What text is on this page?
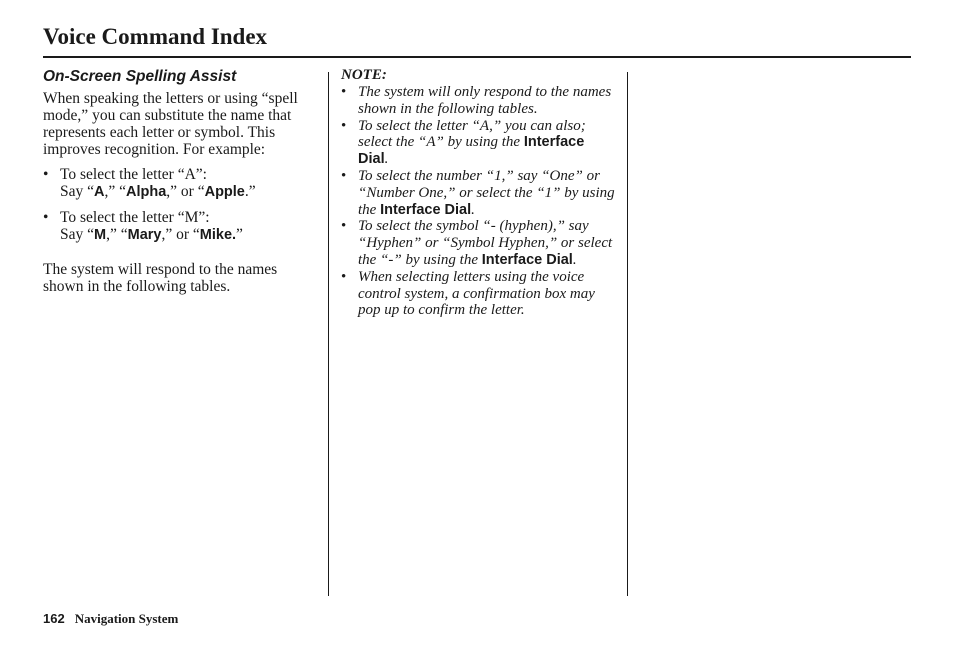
Voice Command Index
On-Screen Spelling Assist

When speaking the letters or using “spell mode,” you can substitute the name that represents each letter or symbol. This improves recognition. For example:

• To select the letter “A”:
Say “A,” “Alpha,” or “Apple.”
• To select the letter “M”:
Say “M,” “Mary,” or “Mike.”

The system will respond to the names shown in the following tables.

NOTE:

• The system will only respond to the names shown in the following tables.
• To select the letter “A,” you can also; select the “A” by using the Interface Dial.
• To select the number “1,” say “One” or “Number One,” or select the “1” by using the Interface Dial.
• To select the symbol “- (hyphen),” say “Hyphen” or “Symbol Hyphen,” or select the “-” by using the Interface Dial.
• When selecting letters using the voice control system, a confirmation box may pop up to confirm the letter.
162 Navigation System
